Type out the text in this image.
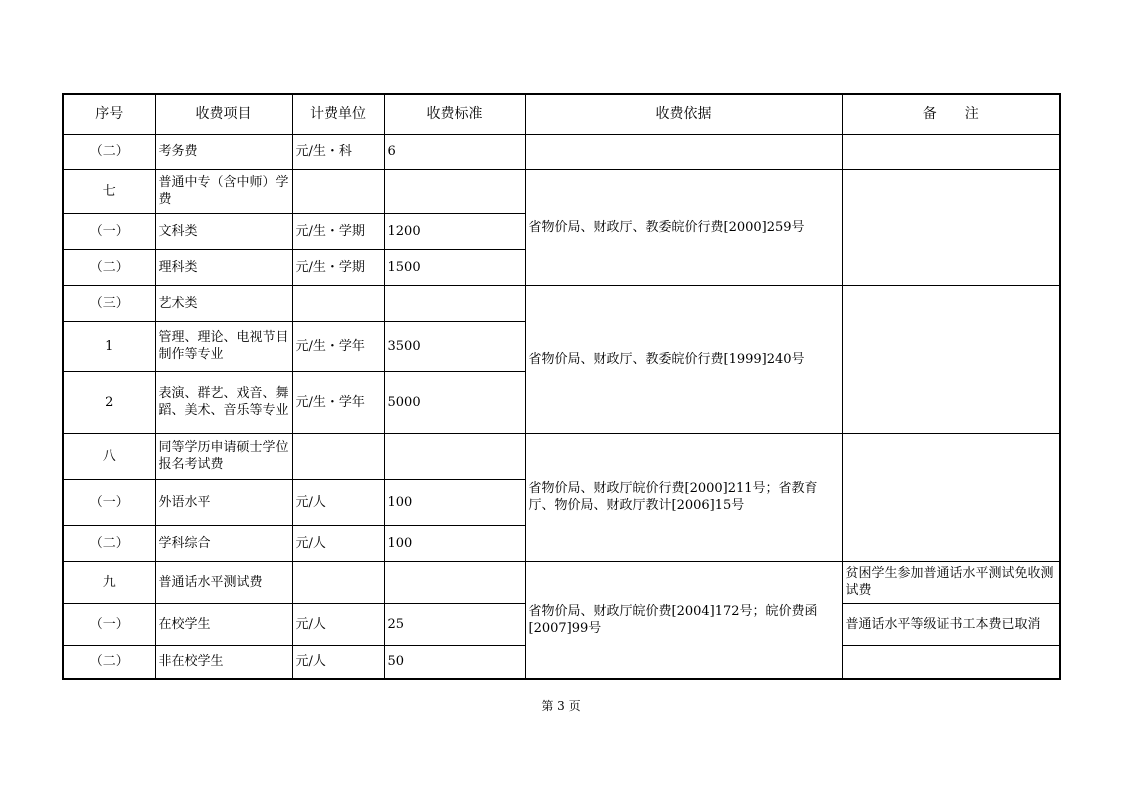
序号	收费项目	计费单位	收费标准	收费依据	备　　注
（二）	考务费	元/生・科	6		
七	普通中专（含中师）学费			省物价局、财政厅、教委皖价行费[2000]259号	
（一）	文科类	元/生・学期	1200		
（二）	理科类	元/生・学期	1500		
（三）	艺术类			省物价局、财政厅、教委皖价行费[1999]240号	
1	管理、理论、电视节目制作等专业	元/生・学年	3500		
2	表演、群艺、戏音、舞蹈、美术、音乐等专业	元/生・学年	5000		
八	同等学历申请硕士学位报名考试费			省物价局、财政厅皖价行费[2000]211号；省教育厅、物价局、财政厅教计[2006]15号	
（一）	外语水平	元/人	100		
（二）	学科综合	元/人	100		
九	普通话水平测试费			省物价局、财政厅皖价费[2004]172号；皖价费函[2007]99号	贫困学生参加普通话水平测试免收测试费
（一）	在校学生	元/人	25		普通话水平等级证书工本费已取消
（二）	非在校学生	元/人	50		
第 3 页
